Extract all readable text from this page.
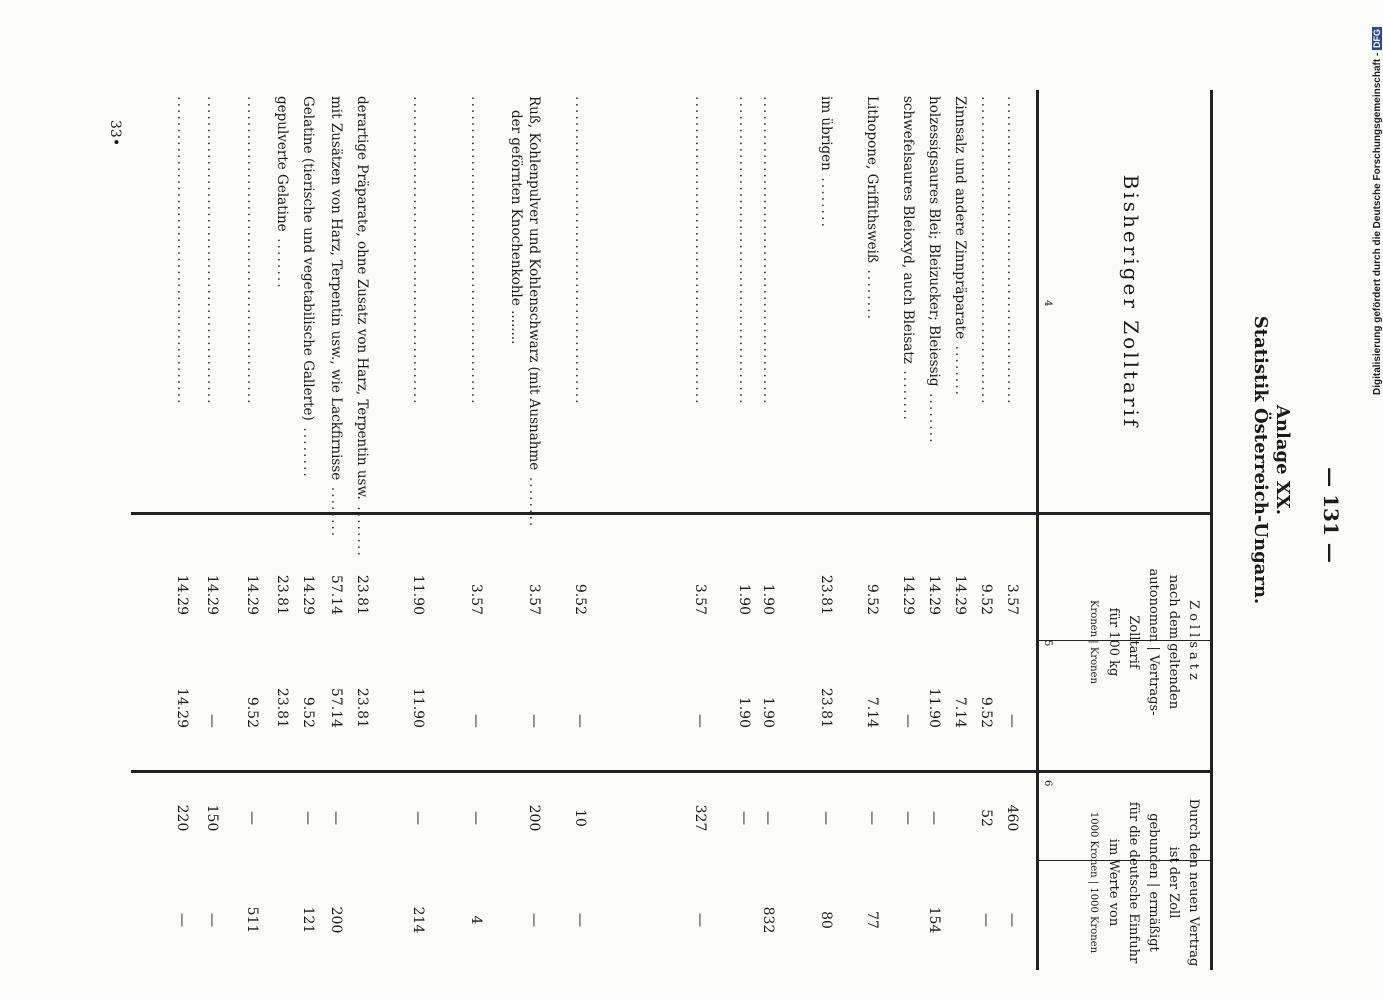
— 131 —
Anlage XX.
Statistik Österreich-Ungarn.
Durch den neuen Vertrag
ist der Zoll
gebunden | ermäßigt
für die deutsche Einfuhr
im Werte von
1000 Kronen | 1000 Kronen
6
Zollsatz
nach dem geltenden
autonomen | Vertrags-
Zolltarif
für 100 kg
Kronen | Kronen
5
Bisheriger Zolltarif
4
................................................
3.57
—
460
—
................................................
9.52
9.52
52
—
Zinnsalz und andere Zinnpräparate ........
14.29
7.14
holzessigsaures Blei; Bleizucker; Bleiessig ........
14.29
11.90
—
154
schwefelsaures Bleioxyd, auch Bleisatz ........
14.29
—
—
Lithopone, Griffithsweiß ........
9.52
7.14
—
77
im übrigen ........
23.81
23.81
—
80
................................................
1.90
1.90
—
832
................................................
1.90
1.90
—
................................................
3.57
—
327
—
................................................
9.52
—
10
—
Ruß, Kohlenpulver und Kohlenschwarz (mit Ausnahme ........
der geförnten Knochenkohle ........
3.57
—
200
—
................................................
3.57
—
—
4
................................................
11.90
11.90
—
214
derartige Präparate, ohne Zusatz von Harz, Terpentin usw. ........
23.81
23.81
mit Zusätzen von Harz, Terpentin usw., wie Lackfirnisse ........
57.14
57.14
—
200
Gelatine (tierische und vegetabilische Gallerte) ........
14.29
9.52
—
121
gepulverte Gelatine ........
23.81
23.81
................................................
14.29
9.52
—
511
................................................
14.29
—
150
—
................................................
14.29
14.29
220
—
33•	Digitalisierung gefördert durch die Deutsche Forschungsgemeinschaft - DFG
